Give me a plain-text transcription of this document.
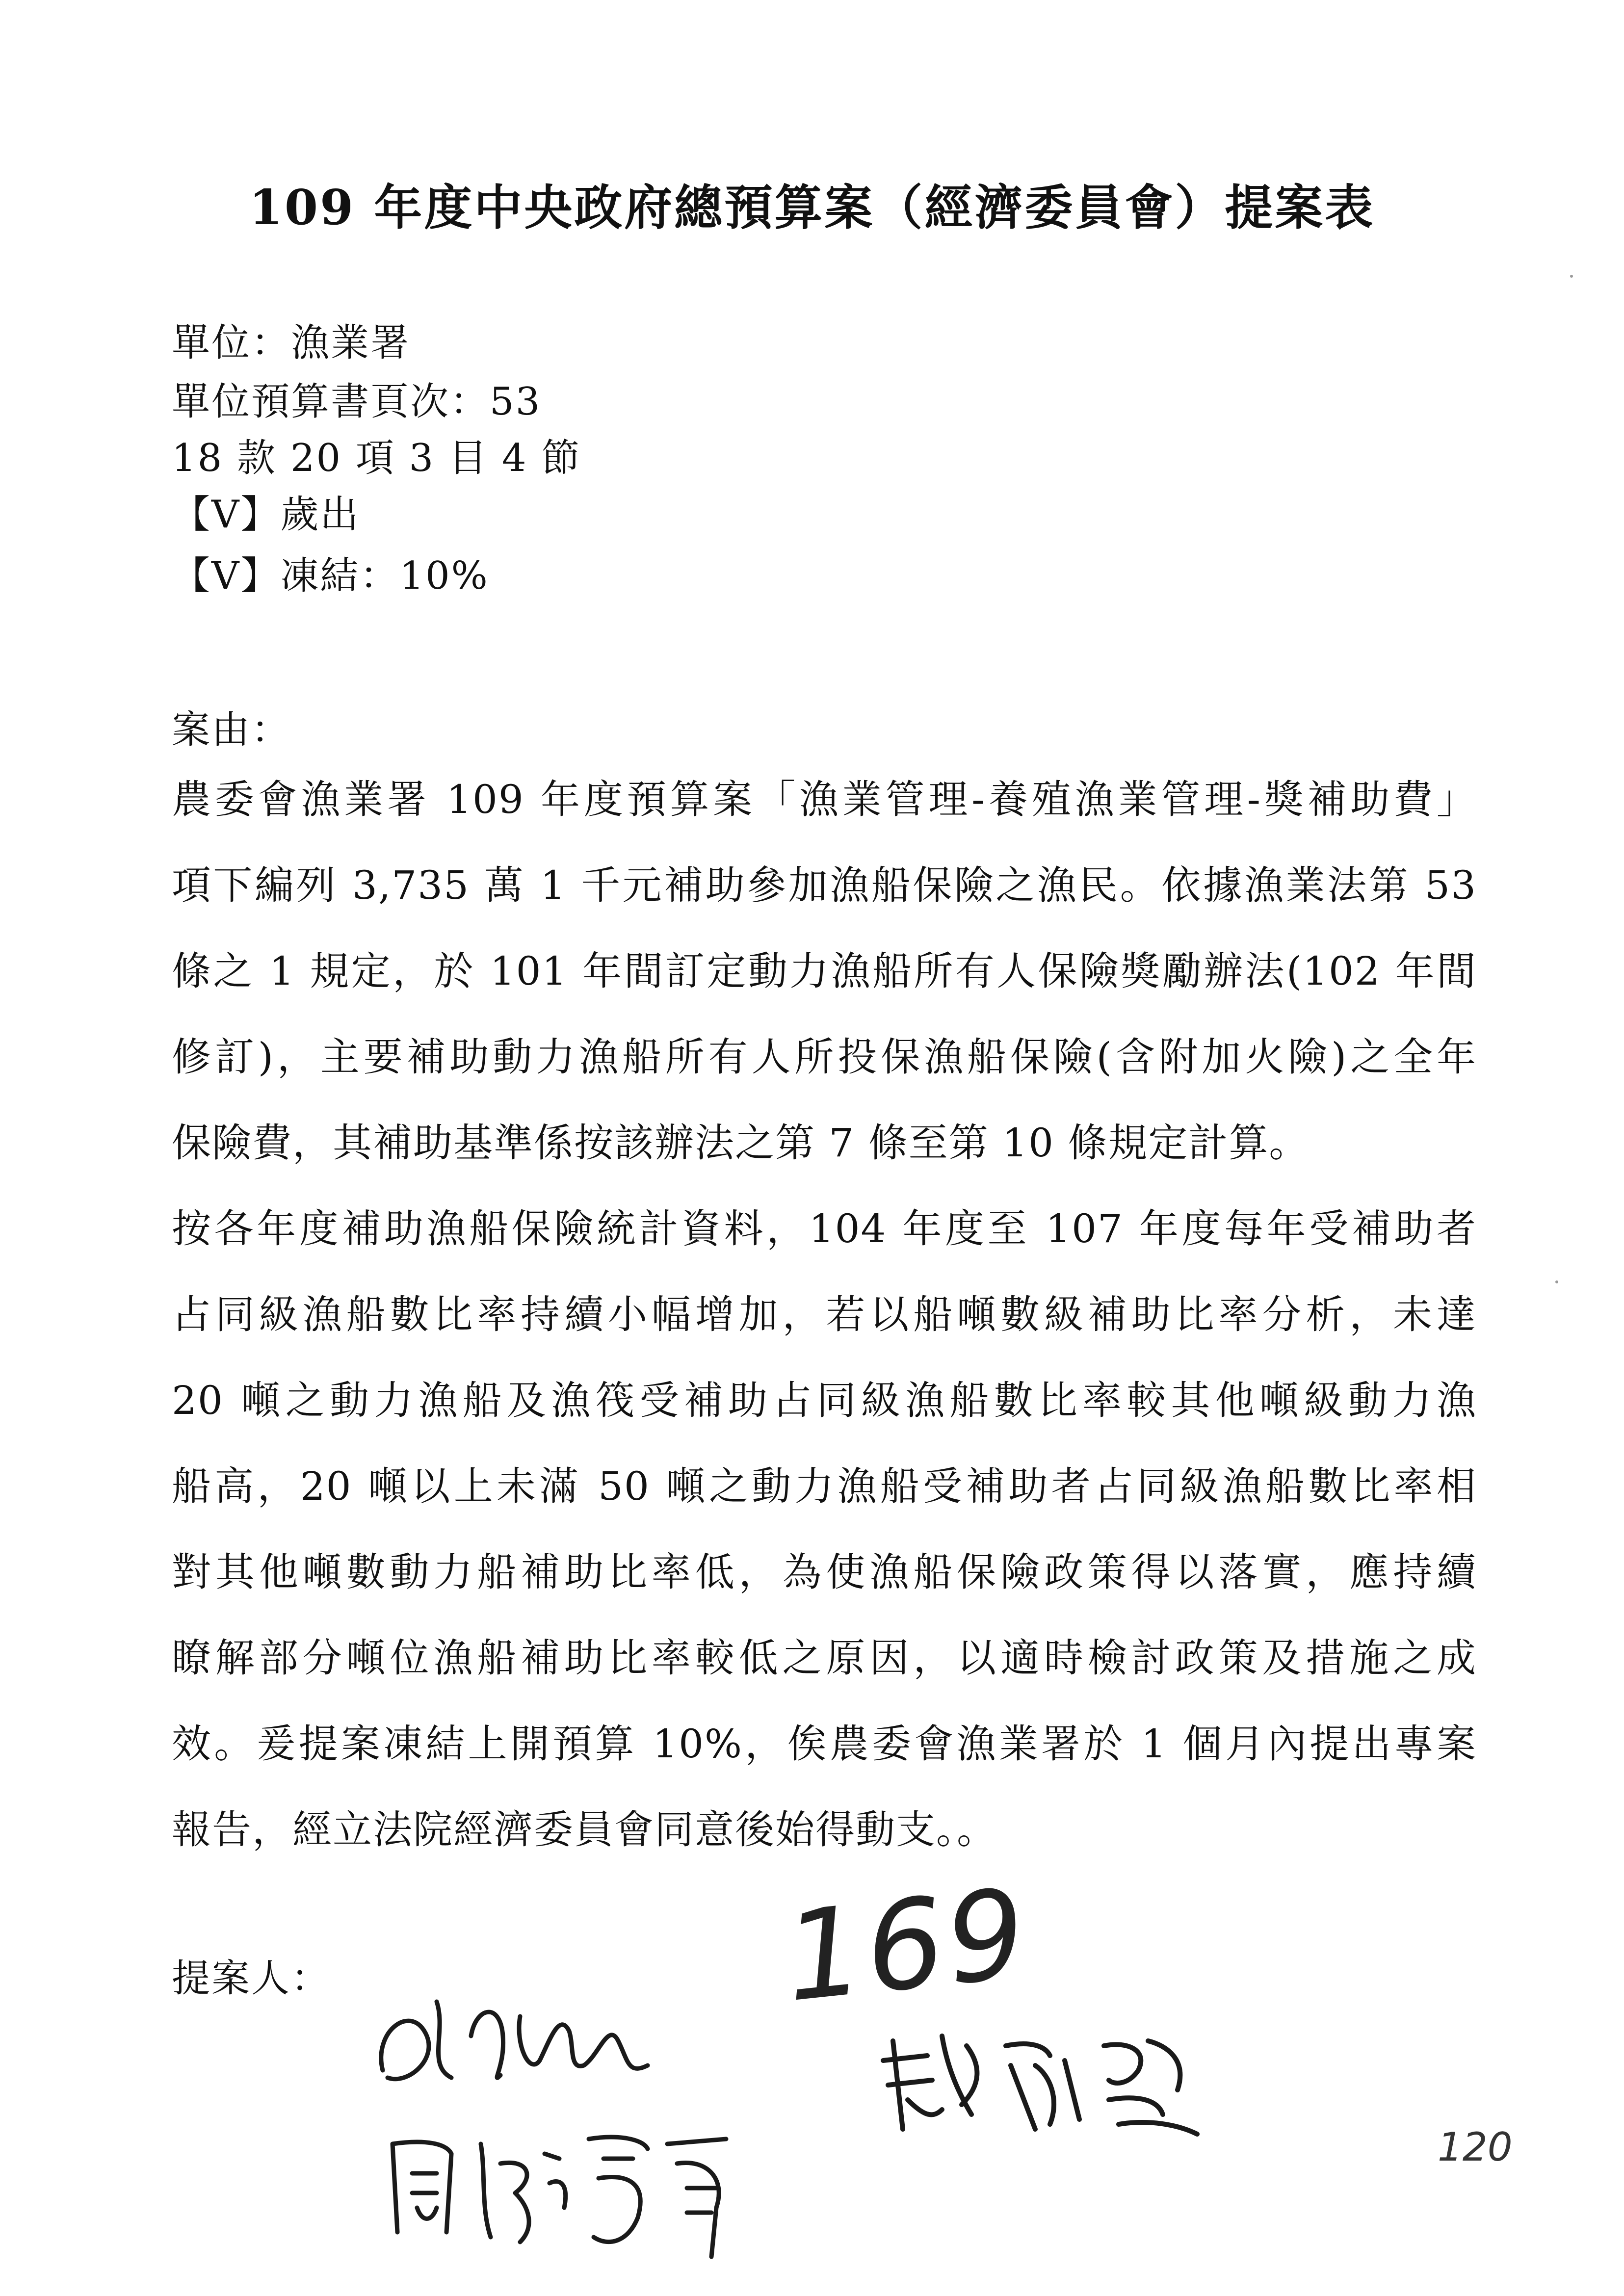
109 年度中央政府總預算案（經濟委員會）提案表
單位：漁業署
單位預算書頁次：53
18 款 20 項 3 目 4 節
【V】歲出
【V】凍結：10%
案由：
農委會漁業署 109 年度預算案「漁業管理-養殖漁業管理-獎補助費」
項下編列 3,735 萬 1 千元補助參加漁船保險之漁民。依據漁業法第 53
條之 1 規定，於 101 年間訂定動力漁船所有人保險獎勵辦法(102 年間
修訂)，主要補助動力漁船所有人所投保漁船保險(含附加火險)之全年
保險費，其補助基準係按該辦法之第 7 條至第 10 條規定計算。
按各年度補助漁船保險統計資料，104 年度至 107 年度每年受補助者
占同級漁船數比率持續小幅增加，若以船噸數級補助比率分析，未達
20 噸之動力漁船及漁筏受補助占同級漁船數比率較其他噸級動力漁
船高，20 噸以上未滿 50 噸之動力漁船受補助者占同級漁船數比率相
對其他噸數動力船補助比率低，為使漁船保險政策得以落實，應持續
瞭解部分噸位漁船補助比率較低之原因，以適時檢討政策及措施之成
效。爰提案凍結上開預算 10%，俟農委會漁業署於 1 個月內提出專案
報告，經立法院經濟委員會同意後始得動支。。
提案人：	169
120
